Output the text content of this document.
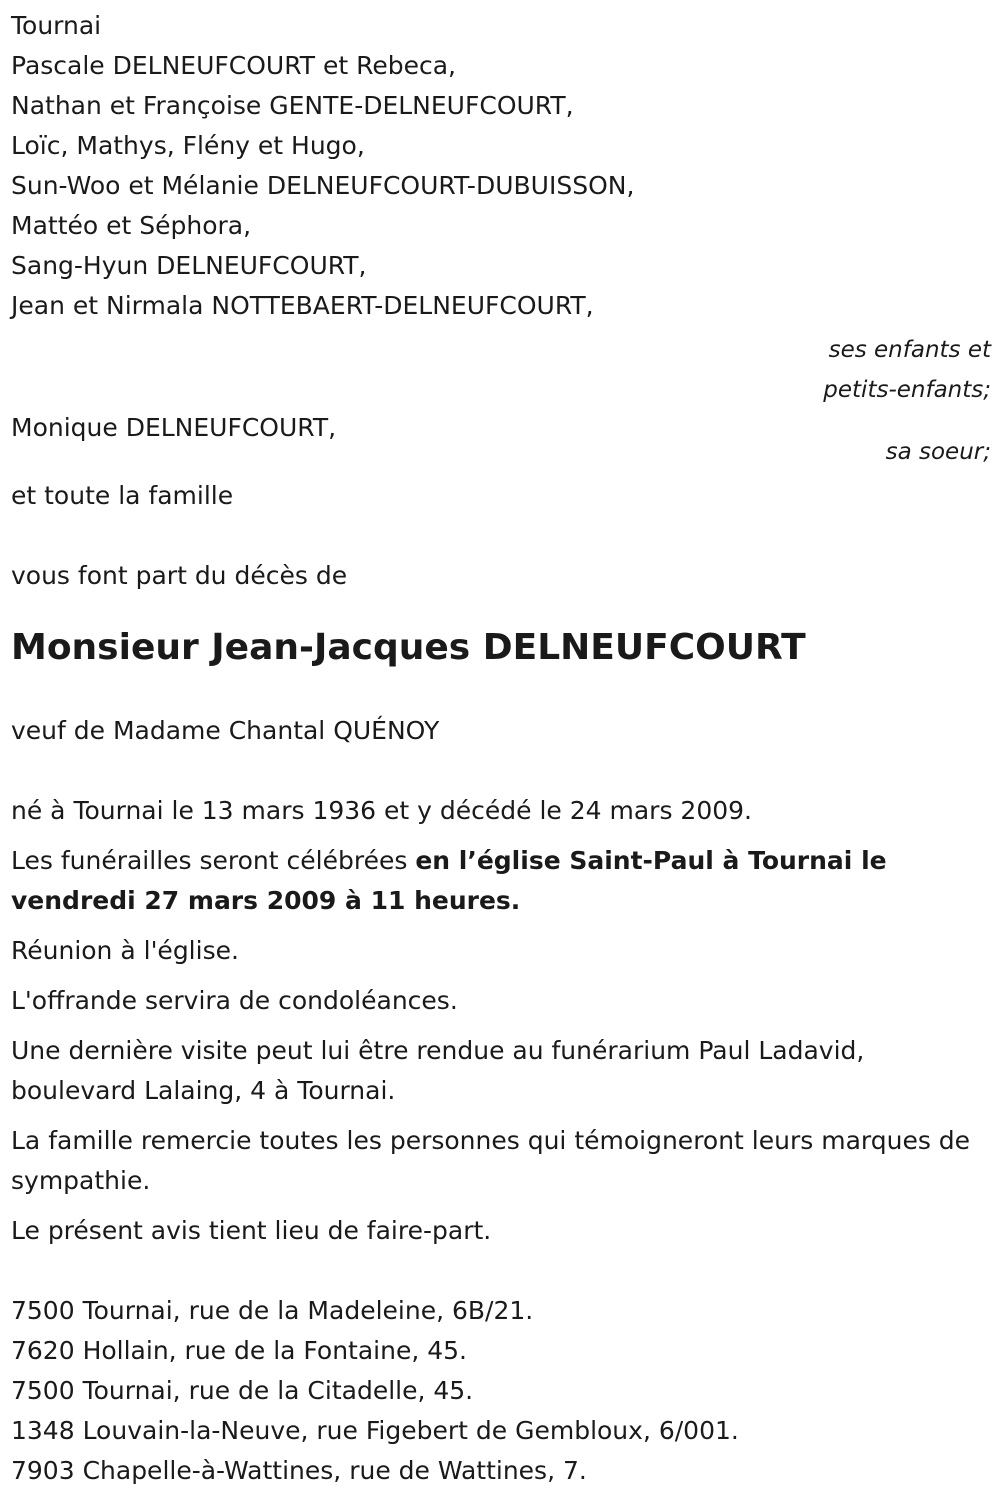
Tournai
Pascale DELNEUFCOURT et Rebeca,
Nathan et Françoise GENTE-DELNEUFCOURT,
Loïc, Mathys, Flény et Hugo,
Sun-Woo et Mélanie DELNEUFCOURT-DUBUISSON,
Mattéo et Séphora,
Sang-Hyun DELNEUFCOURT,
Jean et Nirmala NOTTEBAERT-DELNEUFCOURT,
ses enfants et
petits-enfants;
Monique DELNEUFCOURT,
sa soeur;
et toute la famille
vous font part du décès de
Monsieur Jean-Jacques DELNEUFCOURT
veuf de Madame Chantal QUÉNOY
né à Tournai le 13 mars 1936 et y décédé le 24 mars 2009.
Les funérailles seront célébrées en l’église Saint-Paul à Tournai le vendredi 27 mars 2009 à 11 heures.
Réunion à l'église.
L'offrande servira de condoléances.
Une dernière visite peut lui être rendue au funérarium Paul Ladavid, boulevard Lalaing, 4 à Tournai.
La famille remercie toutes les personnes qui témoigneront leurs marques de sympathie.
Le présent avis tient lieu de faire-part.
7500 Tournai, rue de la Madeleine, 6B/21.
7620 Hollain, rue de la Fontaine, 45.
7500 Tournai, rue de la Citadelle, 45.
1348 Louvain-la-Neuve, rue Figebert de Gembloux, 6/001.
7903 Chapelle-à-Wattines, rue de Wattines, 7.
